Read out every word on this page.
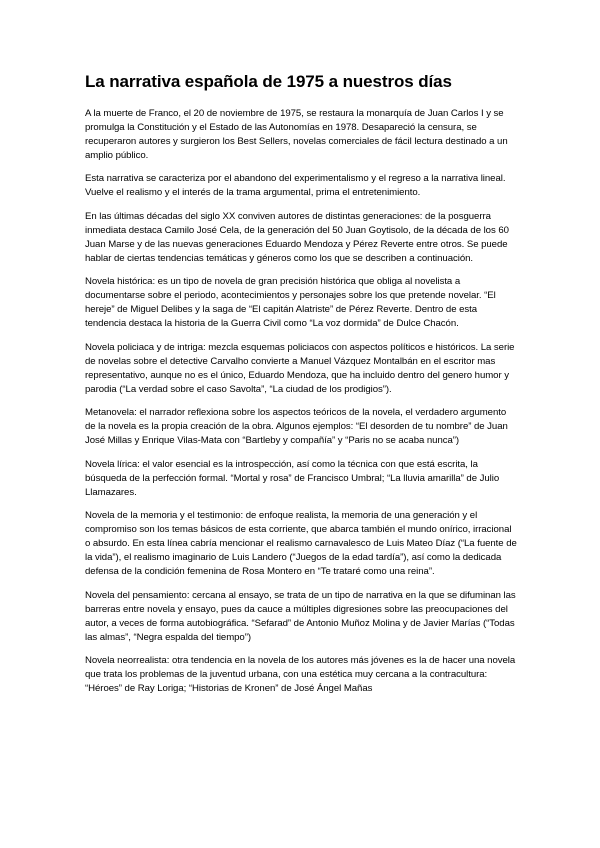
La narrativa española de 1975 a nuestros días

A la muerte de Franco, el 20 de noviembre de 1975, se restaura la monarquía de Juan Carlos I y se promulga la Constitución y el Estado de las Autonomías en 1978. Desapareció la censura, se recuperaron autores y surgieron los Best Sellers, novelas comerciales de fácil lectura destinado a un amplio público.

Esta narrativa se caracteriza por el abandono del experimentalismo y el regreso a la narrativa lineal. Vuelve el realismo y el interés de la trama argumental, prima el entretenimiento.

En las últimas décadas del siglo XX conviven autores de distintas generaciones: de la posguerra inmediata destaca Camilo José Cela, de la generación del 50 Juan Goytisolo, de la década de los 60 Juan Marse y de las nuevas generaciones Eduardo Mendoza y Pérez Reverte entre otros. Se puede hablar de ciertas tendencias temáticas y géneros como los que se describen a continuación.

Novela histórica: es un tipo de novela de gran precisión histórica que obliga al novelista a documentarse sobre el periodo, acontecimientos y personajes sobre los que pretende novelar. “El hereje” de Miguel Delibes y la saga de “El capitán Alatriste” de Pérez Reverte. Dentro de esta tendencia destaca la historia de la Guerra Civil como “La voz dormida” de Dulce Chacón.

Novela policiaca y de intriga: mezcla esquemas policiacos con aspectos políticos e históricos. La serie de novelas sobre el detective Carvalho convierte a Manuel Vázquez Montalbán en el escritor mas representativo, aunque no es el único, Eduardo Mendoza, que ha incluido dentro del genero humor y parodia (“La verdad sobre el caso Savolta”, “La ciudad de los prodigios”).

Metanovela: el narrador reflexiona sobre los aspectos teóricos de la novela, el verdadero argumento de la novela es la propia creación de la obra. Algunos ejemplos: “El desorden de tu nombre” de Juan José Millas y Enrique Vilas-Mata con “Bartleby y compañía” y “Paris no se acaba nunca”)

Novela lírica: el valor esencial es la introspección, así como la técnica con que está escrita, la búsqueda de la perfección formal. “Mortal y rosa” de Francisco Umbral; “La lluvia amarilla” de Julio Llamazares.

Novela de la memoria y el testimonio: de enfoque realista, la memoria de una generación y el compromiso son los temas básicos de esta corriente, que abarca también el mundo onírico, irracional o absurdo. En esta línea cabría mencionar el realismo carnavalesco de Luis Mateo Díaz (“La fuente de la vida”), el realismo imaginario de Luis Landero (“Juegos de la edad tardía”), así como la dedicada defensa de la condición femenina de Rosa Montero en “Te trataré como una reina”.

Novela del pensamiento: cercana al ensayo, se trata de un tipo de narrativa en la que se difuminan las barreras entre novela y ensayo, pues da cauce a múltiples digresiones sobre las preocupaciones del autor, a veces de forma autobiográfica. “Sefarad” de Antonio Muñoz Molina y de Javier Marías (“Todas las almas”, “Negra espalda del tiempo”)

Novela neorrealista: otra tendencia en la novela de los autores más jóvenes es la de hacer una novela que trata los problemas de la juventud urbana, con una estética muy cercana a la contracultura: “Héroes” de Ray Loriga; “Historias de Kronen” de José Ángel Mañas
